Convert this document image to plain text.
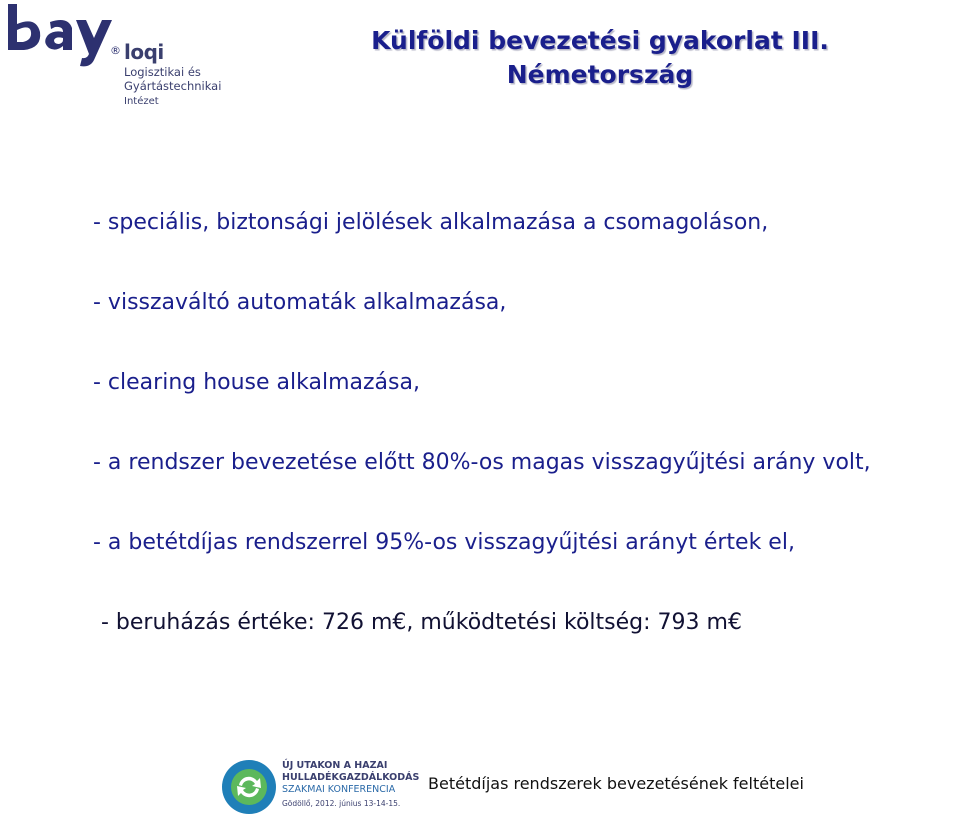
® loqi
Logisztikai és
Gyártástechnikai
Intézet
Külföldi bevezetési gyakorlat III.
Németország
- speciális, biztonsági jelölések alkalmazása a csomagoláson,
- visszaváltó automaták alkalmazása,
- clearing house alkalmazása,
- a rendszer bevezetése előtt 80%-os magas visszagyűjtési arány volt,
- a betétdíjas rendszerrel 95%-os visszagyűjtési arányt értek el,
- beruházás értéke: 726 m€, működtetési költség: 793 m€
ÚJ UTAKON A HAZAI
HULLADÉKGAZDÁLKODÁS
SZAKMAI KONFERENCIA
Gödöllő, 2012. június 13-14-15.
Betétdíjas rendszerek bevezetésének feltételei
